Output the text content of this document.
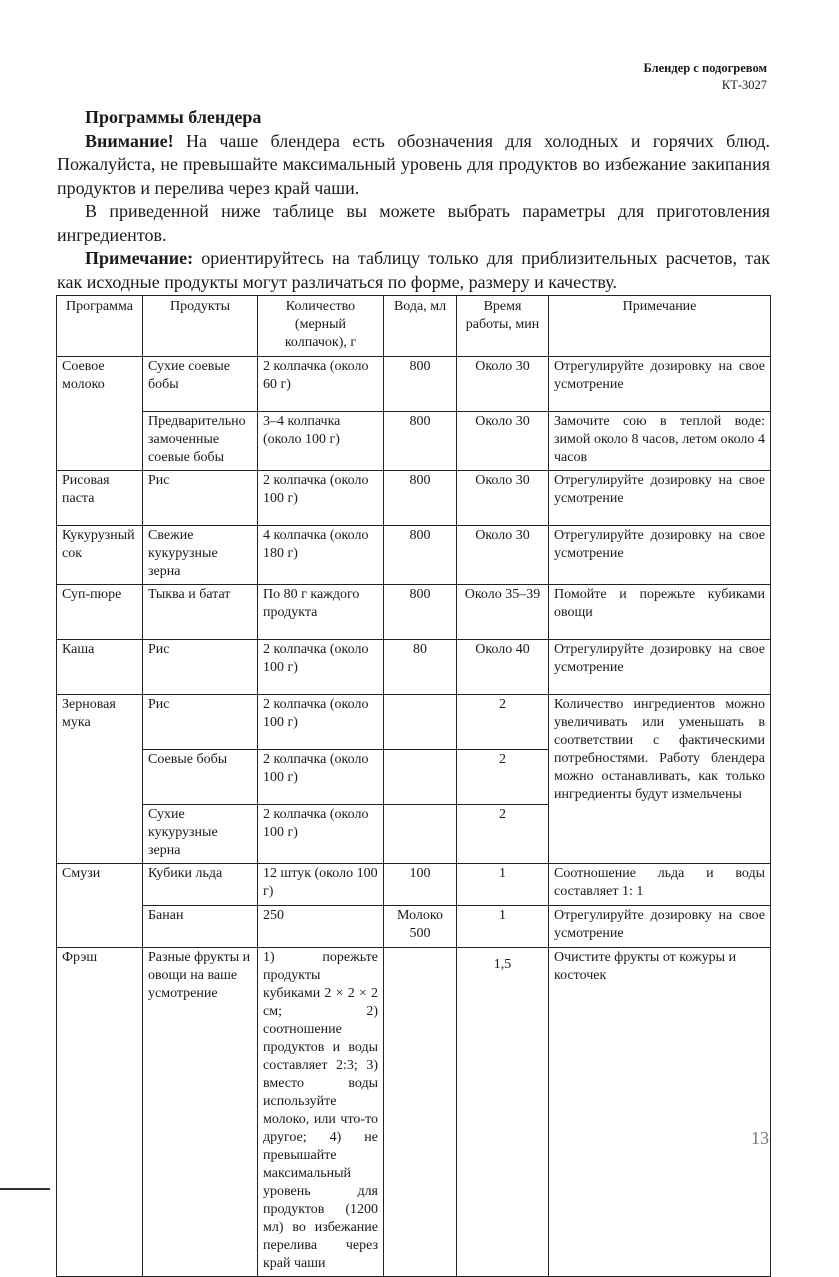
Блендер с подогревом
КТ-3027

Программы блендера

Внимание! На чаше блендера есть обозначения для холодных и горячих блюд. Пожалуйста, не превышайте максимальный уровень для продуктов во избежание закипания продуктов и перелива через край чаши.

В приведенной ниже таблице вы можете выбрать параметры для приготовления ингредиентов.

Примечание: ориентируйтесь на таблицу только для приблизительных расчетов, так как исходные продукты могут различаться по форме, размеру и качеству.

Программа	Продукты	Количество (мерный колпачок), г	Вода, мл	Время работы, мин	Примечание
Соевое молоко	Сухие соевые бобы	2 колпачка (около 60 г)	800	Около 30	Отрегулируйте дозировку на свое усмотрение
	Предварительно замоченные соевые бобы	3–4 колпачка (около 100 г)	800	Около 30	Замочите сою в теплой воде: зимой около 8 часов, летом около 4 часов
Рисовая паста	Рис	2 колпачка (около 100 г)	800	Около 30	Отрегулируйте дозировку на свое усмотрение
Кукурузный сок	Свежие кукурузные зерна	4 колпачка (около 180 г)	800	Около 30	Отрегулируйте дозировку на свое усмотрение
Суп-пюре	Тыква и батат	По 80 г каждого продукта	800	Около 35–39	Помойте и порежьте кубиками овощи
Каша	Рис	2 колпачка (около 100 г)	80	Около 40	Отрегулируйте дозировку на свое усмотрение
Зерновая мука	Рис	2 колпачка (около 100 г)		2	Количество ингредиентов можно увеличивать или уменьшать в соответствии с фактическими потребностями. Работу блендера можно останавливать, как только ингредиенты будут измельчены
	Соевые бобы	2 колпачка (около 100 г)		2	
	Сухие кукурузные зерна	2 колпачка (около 100 г)		2	
Смузи	Кубики льда	12 штук (около 100 г)	100	1	Соотношение льда и воды составляет 1: 1
	Банан	250	Молоко 500	1	Отрегулируйте дозировку на свое усмотрение
Фрэш	Разные фрукты и овощи на ваше усмотрение	1) порежьте продукты кубиками 2 × 2 × 2 см; 2) соотношение продуктов и воды составляет 2:3; 3) вместо воды используйте молоко, или что-то другое; 4) не превышайте максимальный уровень для продуктов (1200 мл) во избежание перелива через край чаши		1,5	Очистите фрукты от кожуры и косточек
13
